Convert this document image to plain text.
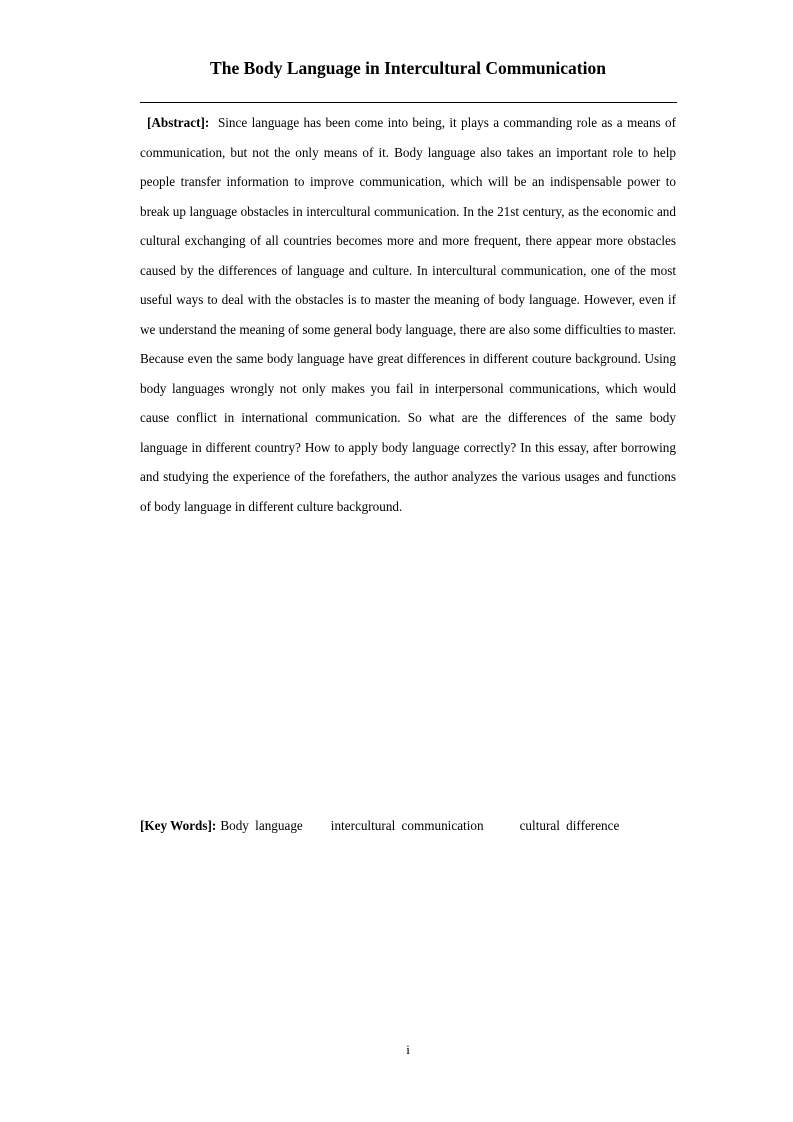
The Body Language in Intercultural Communication

[Abstract]: Since language has been come into being, it plays a commanding role as a means of communication, but not the only means of it. Body language also takes an important role to help people transfer information to improve communication, which will be an indispensable power to break up language obstacles in intercultural communication. In the 21st century, as the economic and cultural exchanging of all countries becomes more and more frequent, there appear more obstacles caused by the differences of language and culture. In intercultural communication, one of the most useful ways to deal with the obstacles is to master the meaning of body language. However, even if we understand the meaning of some general body language, there are also some difficulties to master. Because even the same body language have great differences in different couture background. Using body languages wrongly not only makes you fail in interpersonal communications, which would cause conflict in international communication. So what are the differences of the same body language in different country? How to apply body language correctly? In this essay, after borrowing and studying the experience of the forefathers, the author analyzes the various usages and functions of body language in different culture background.

[Key Words]: Body language intercultural communication	cultural difference
i
